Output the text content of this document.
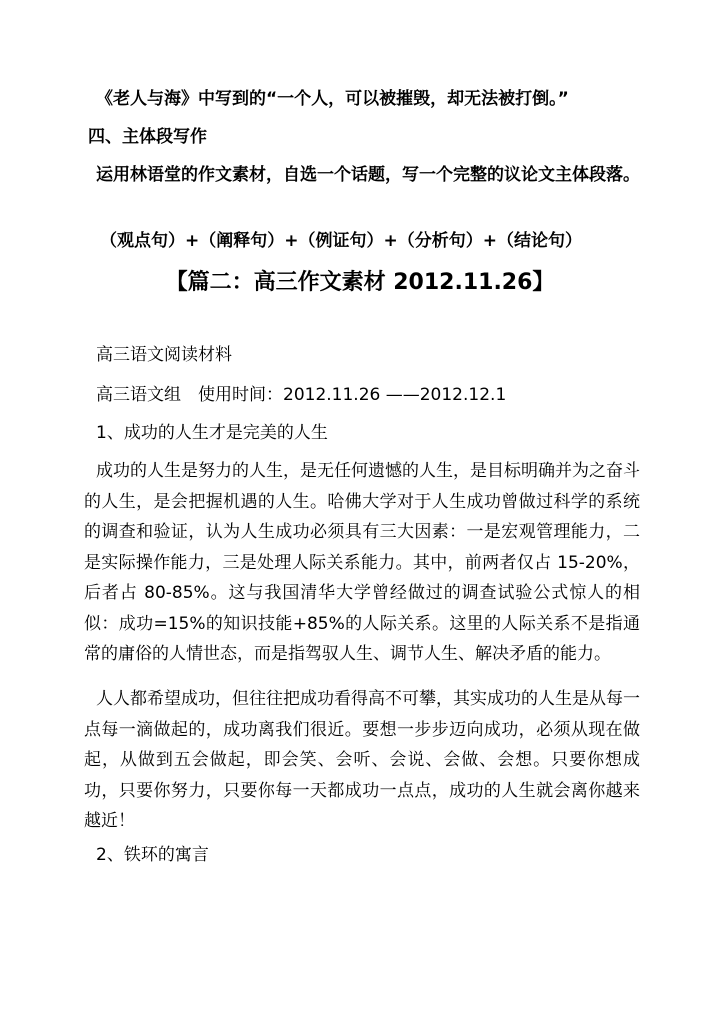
《老人与海》中写到的“一个人，可以被摧毁，却无法被打倒。”
四、主体段写作
运用林语堂的作文素材，自选一个话题，写一个完整的议论文主体段落。
（观点句）+（阐释句）+（例证句）+（分析句）+（结论句）
【篇二：高三作文素材 2012.11.26】
高三语文阅读材料
高三语文组　使用时间：2012.11.26 ——2012.12.1
1、成功的人生才是完美的人生
成功的人生是努力的人生，是无任何遗憾的人生，是目标明确并为之奋斗的人生，是会把握机遇的人生。哈佛大学对于人生成功曾做过科学的系统的调查和验证，认为人生成功必须具有三大因素：一是宏观管理能力，二是实际操作能力，三是处理人际关系能力。其中，前两者仅占 15-20%，后者占 80-85%。这与我国清华大学曾经做过的调查试验公式惊人的相似：成功=15%的知识技能+85%的人际关系。这里的人际关系不是指通常的庸俗的人情世态，而是指驾驭人生、调节人生、解决矛盾的能力。
人人都希望成功，但往往把成功看得高不可攀，其实成功的人生是从每一点每一滴做起的，成功离我们很近。要想一步步迈向成功，必须从现在做起，从做到五会做起，即会笑、会听、会说、会做、会想。只要你想成功，只要你努力，只要你每一天都成功一点点，成功的人生就会离你越来越近！
2、铁环的寓言
